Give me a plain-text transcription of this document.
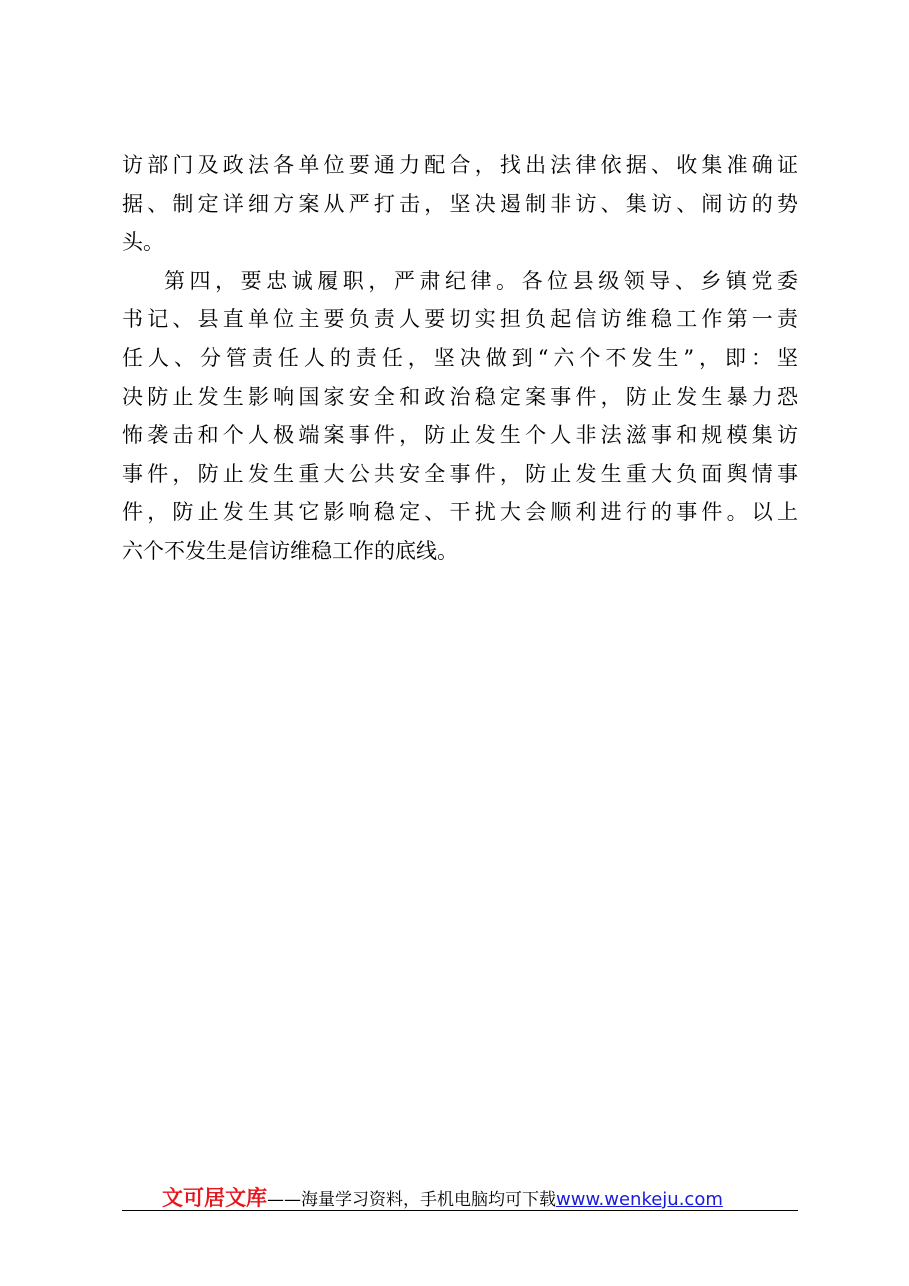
访部门及政法各单位要通力配合，找出法律依据、收集准确证
据、制定详细方案从严打击，坚决遏制非访、集访、闹访的势
头。
第四，要忠诚履职，严肃纪律。各位县级领导、乡镇党委
书记、县直单位主要负责人要切实担负起信访维稳工作第一责
任人、分管责任人的责任，坚决做到“六个不发生”，即：坚
决防止发生影响国家安全和政治稳定案事件，防止发生暴力恐
怖袭击和个人极端案事件，防止发生个人非法滋事和规模集访
事件，防止发生重大公共安全事件，防止发生重大负面舆情事
件，防止发生其它影响稳定、干扰大会顺利进行的事件。以上
六个不发生是信访维稳工作的底线。
文可居文库——海量学习资料，手机电脑均可下载www.wenkeju.com
